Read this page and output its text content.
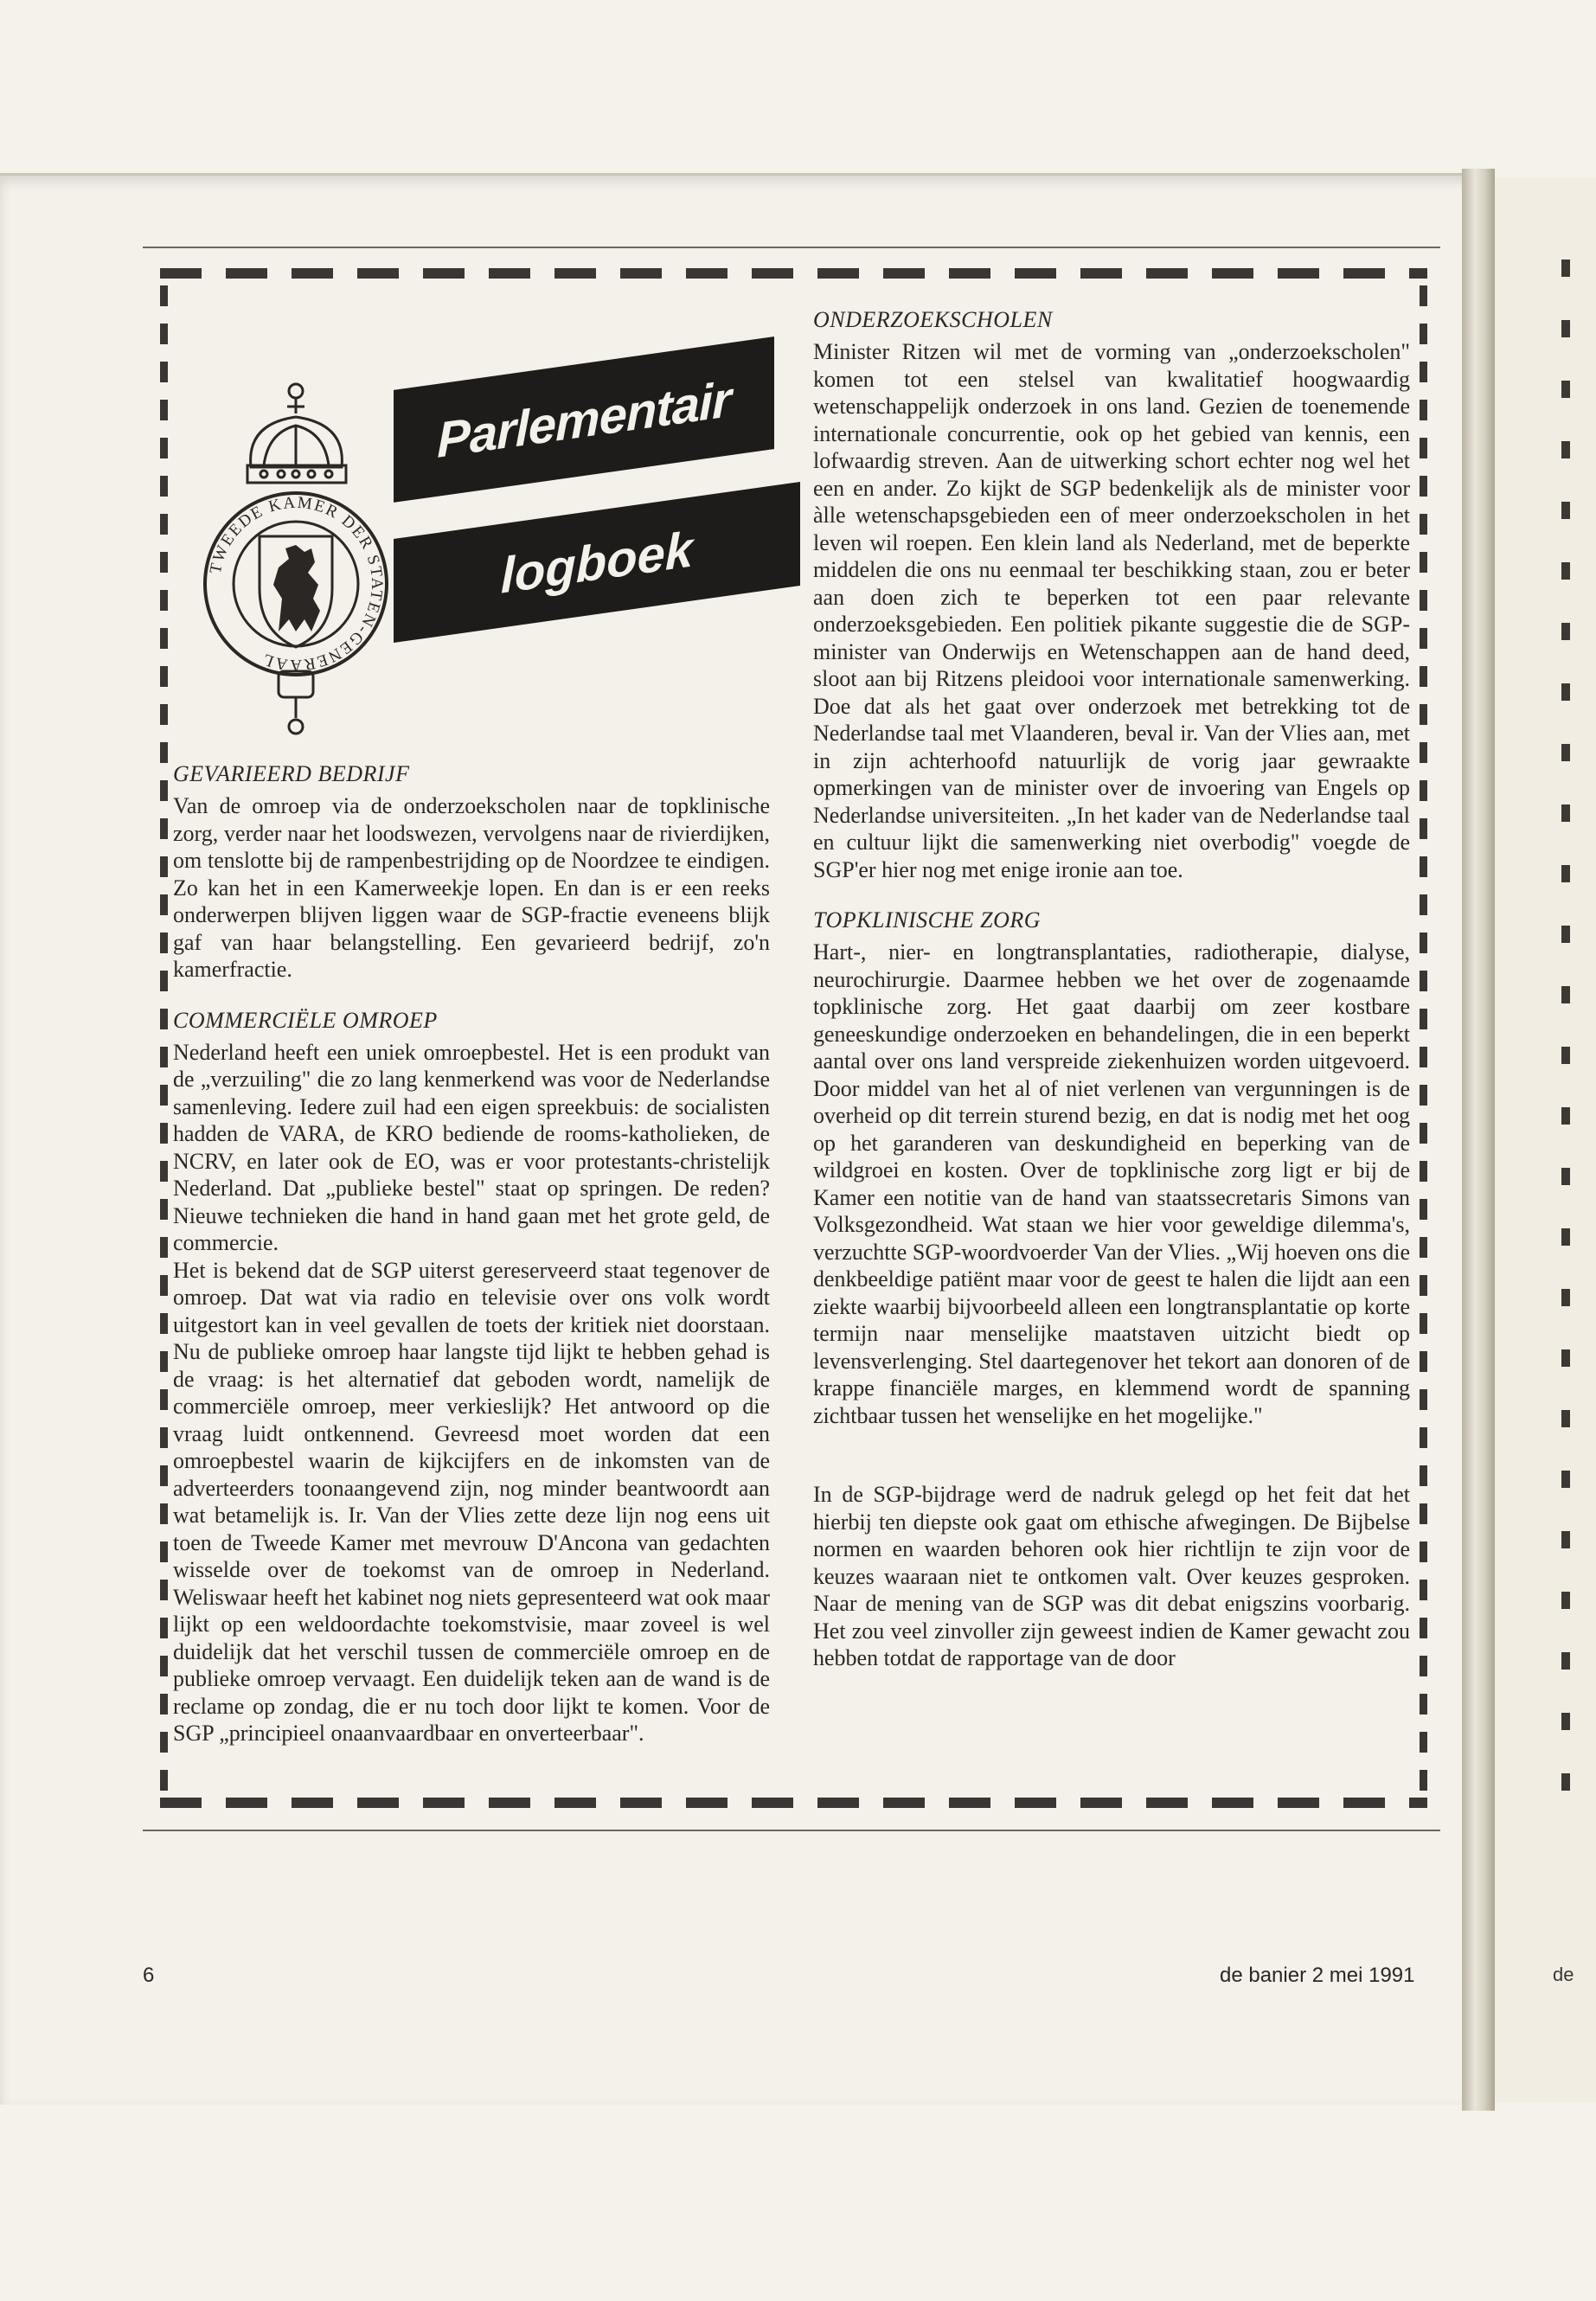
de
TWEEDE KAMER DER STATEN-GENERAAL
Parlementair
logboek
GEVARIEERD BEDRIJF

Van de omroep via de onderzoekscholen naar de topklinische zorg, verder naar het loodswezen, vervolgens naar de rivierdijken, om tenslotte bij de rampenbestrijding op de Noordzee te eindigen. Zo kan het in een Kamerweekje lopen. En dan is er een reeks onderwerpen blijven liggen waar de SGP-fractie eveneens blijk gaf van haar belangstelling. Een gevarieerd bedrijf, zo'n kamerfractie.

COMMERCIËLE OMROEP

Nederland heeft een uniek omroepbestel. Het is een produkt van de „verzuiling" die zo lang kenmerkend was voor de Nederlandse samenleving. Iedere zuil had een eigen spreekbuis: de socialisten hadden de VARA, de KRO bediende de rooms-katholieken, de NCRV, en later ook de EO, was er voor protestants-christelijk Nederland. Dat „publieke bestel" staat op springen. De reden? Nieuwe technieken die hand in hand gaan met het grote geld, de commercie.

Het is bekend dat de SGP uiterst gereserveerd staat tegenover de omroep. Dat wat via radio en televisie over ons volk wordt uitgestort kan in veel gevallen de toets der kritiek niet doorstaan. Nu de publieke omroep haar langste tijd lijkt te hebben gehad is de vraag: is het alternatief dat geboden wordt, namelijk de commerciële omroep, meer verkieslijk? Het antwoord op die vraag luidt ontkennend. Gevreesd moet worden dat een omroepbestel waarin de kijkcijfers en de inkomsten van de adverteerders toonaangevend zijn, nog minder beantwoordt aan wat betamelijk is. Ir. Van der Vlies zette deze lijn nog eens uit toen de Tweede Kamer met mevrouw D'Ancona van gedachten wisselde over de toekomst van de omroep in Nederland. Weliswaar heeft het kabinet nog niets gepresenteerd wat ook maar lijkt op een weldoordachte toekomstvisie, maar zoveel is wel duidelijk dat het verschil tussen de commerciële omroep en de publieke omroep vervaagt. Een duidelijk teken aan de wand is de reclame op zondag, die er nu toch door lijkt te komen. Voor de SGP „principieel onaanvaardbaar en onverteerbaar".

ONDERZOEKSCHOLEN

Minister Ritzen wil met de vorming van „onderzoekscholen" komen tot een stelsel van kwalitatief hoogwaardig wetenschappelijk onderzoek in ons land. Gezien de toenemende internationale concurrentie, ook op het gebied van kennis, een lofwaardig streven. Aan de uitwerking schort echter nog wel het een en ander. Zo kijkt de SGP bedenkelijk als de minister voor àlle wetenschapsgebieden een of meer onderzoekscholen in het leven wil roepen. Een klein land als Nederland, met de beperkte middelen die ons nu eenmaal ter beschikking staan, zou er beter aan doen zich te beperken tot een paar relevante onderzoeksgebieden. Een politiek pikante suggestie die de SGP-minister van Onderwijs en Wetenschappen aan de hand deed, sloot aan bij Ritzens pleidooi voor internationale samenwerking. Doe dat als het gaat over onderzoek met betrekking tot de Nederlandse taal met Vlaanderen, beval ir. Van der Vlies aan, met in zijn achterhoofd natuurlijk de vorig jaar gewraakte opmerkingen van de minister over de invoering van Engels op Nederlandse universiteiten. „In het kader van de Nederlandse taal en cultuur lijkt die samenwerking niet overbodig" voegde de SGP'er hier nog met enige ironie aan toe.

TOPKLINISCHE ZORG

Hart-, nier- en longtransplantaties, radiotherapie, dialyse, neurochirurgie. Daarmee hebben we het over de zogenaamde topklinische zorg. Het gaat daarbij om zeer kostbare geneeskundige onderzoeken en behandelingen, die in een beperkt aantal over ons land verspreide ziekenhuizen worden uitgevoerd. Door middel van het al of niet verlenen van vergunningen is de overheid op dit terrein sturend bezig, en dat is nodig met het oog op het garanderen van deskundigheid en beperking van de wildgroei en kosten. Over de topklinische zorg ligt er bij de Kamer een notitie van de hand van staatssecretaris Simons van Volksgezondheid. Wat staan we hier voor geweldige dilemma's, verzuchtte SGP-woordvoerder Van der Vlies. „Wij hoeven ons die denkbeeldige patiënt maar voor de geest te halen die lijdt aan een ziekte waarbij bijvoorbeeld alleen een longtransplantatie op korte termijn naar menselijke maatstaven uitzicht biedt op levensverlenging. Stel daartegenover het tekort aan donoren of de krappe financiële marges, en klemmend wordt de spanning zichtbaar tussen het wenselijke en het mogelijke."

In de SGP-bijdrage werd de nadruk gelegd op het feit dat het hierbij ten diepste ook gaat om ethische afwegingen. De Bijbelse normen en waarden behoren ook hier richtlijn te zijn voor de keuzes waaraan niet te ontkomen valt. Over keuzes gesproken. Naar de mening van de SGP was dit debat enigszins voorbarig. Het zou veel zinvoller zijn geweest indien de Kamer gewacht zou hebben totdat de rapportage van de door

6	de banier 2 mei 1991
